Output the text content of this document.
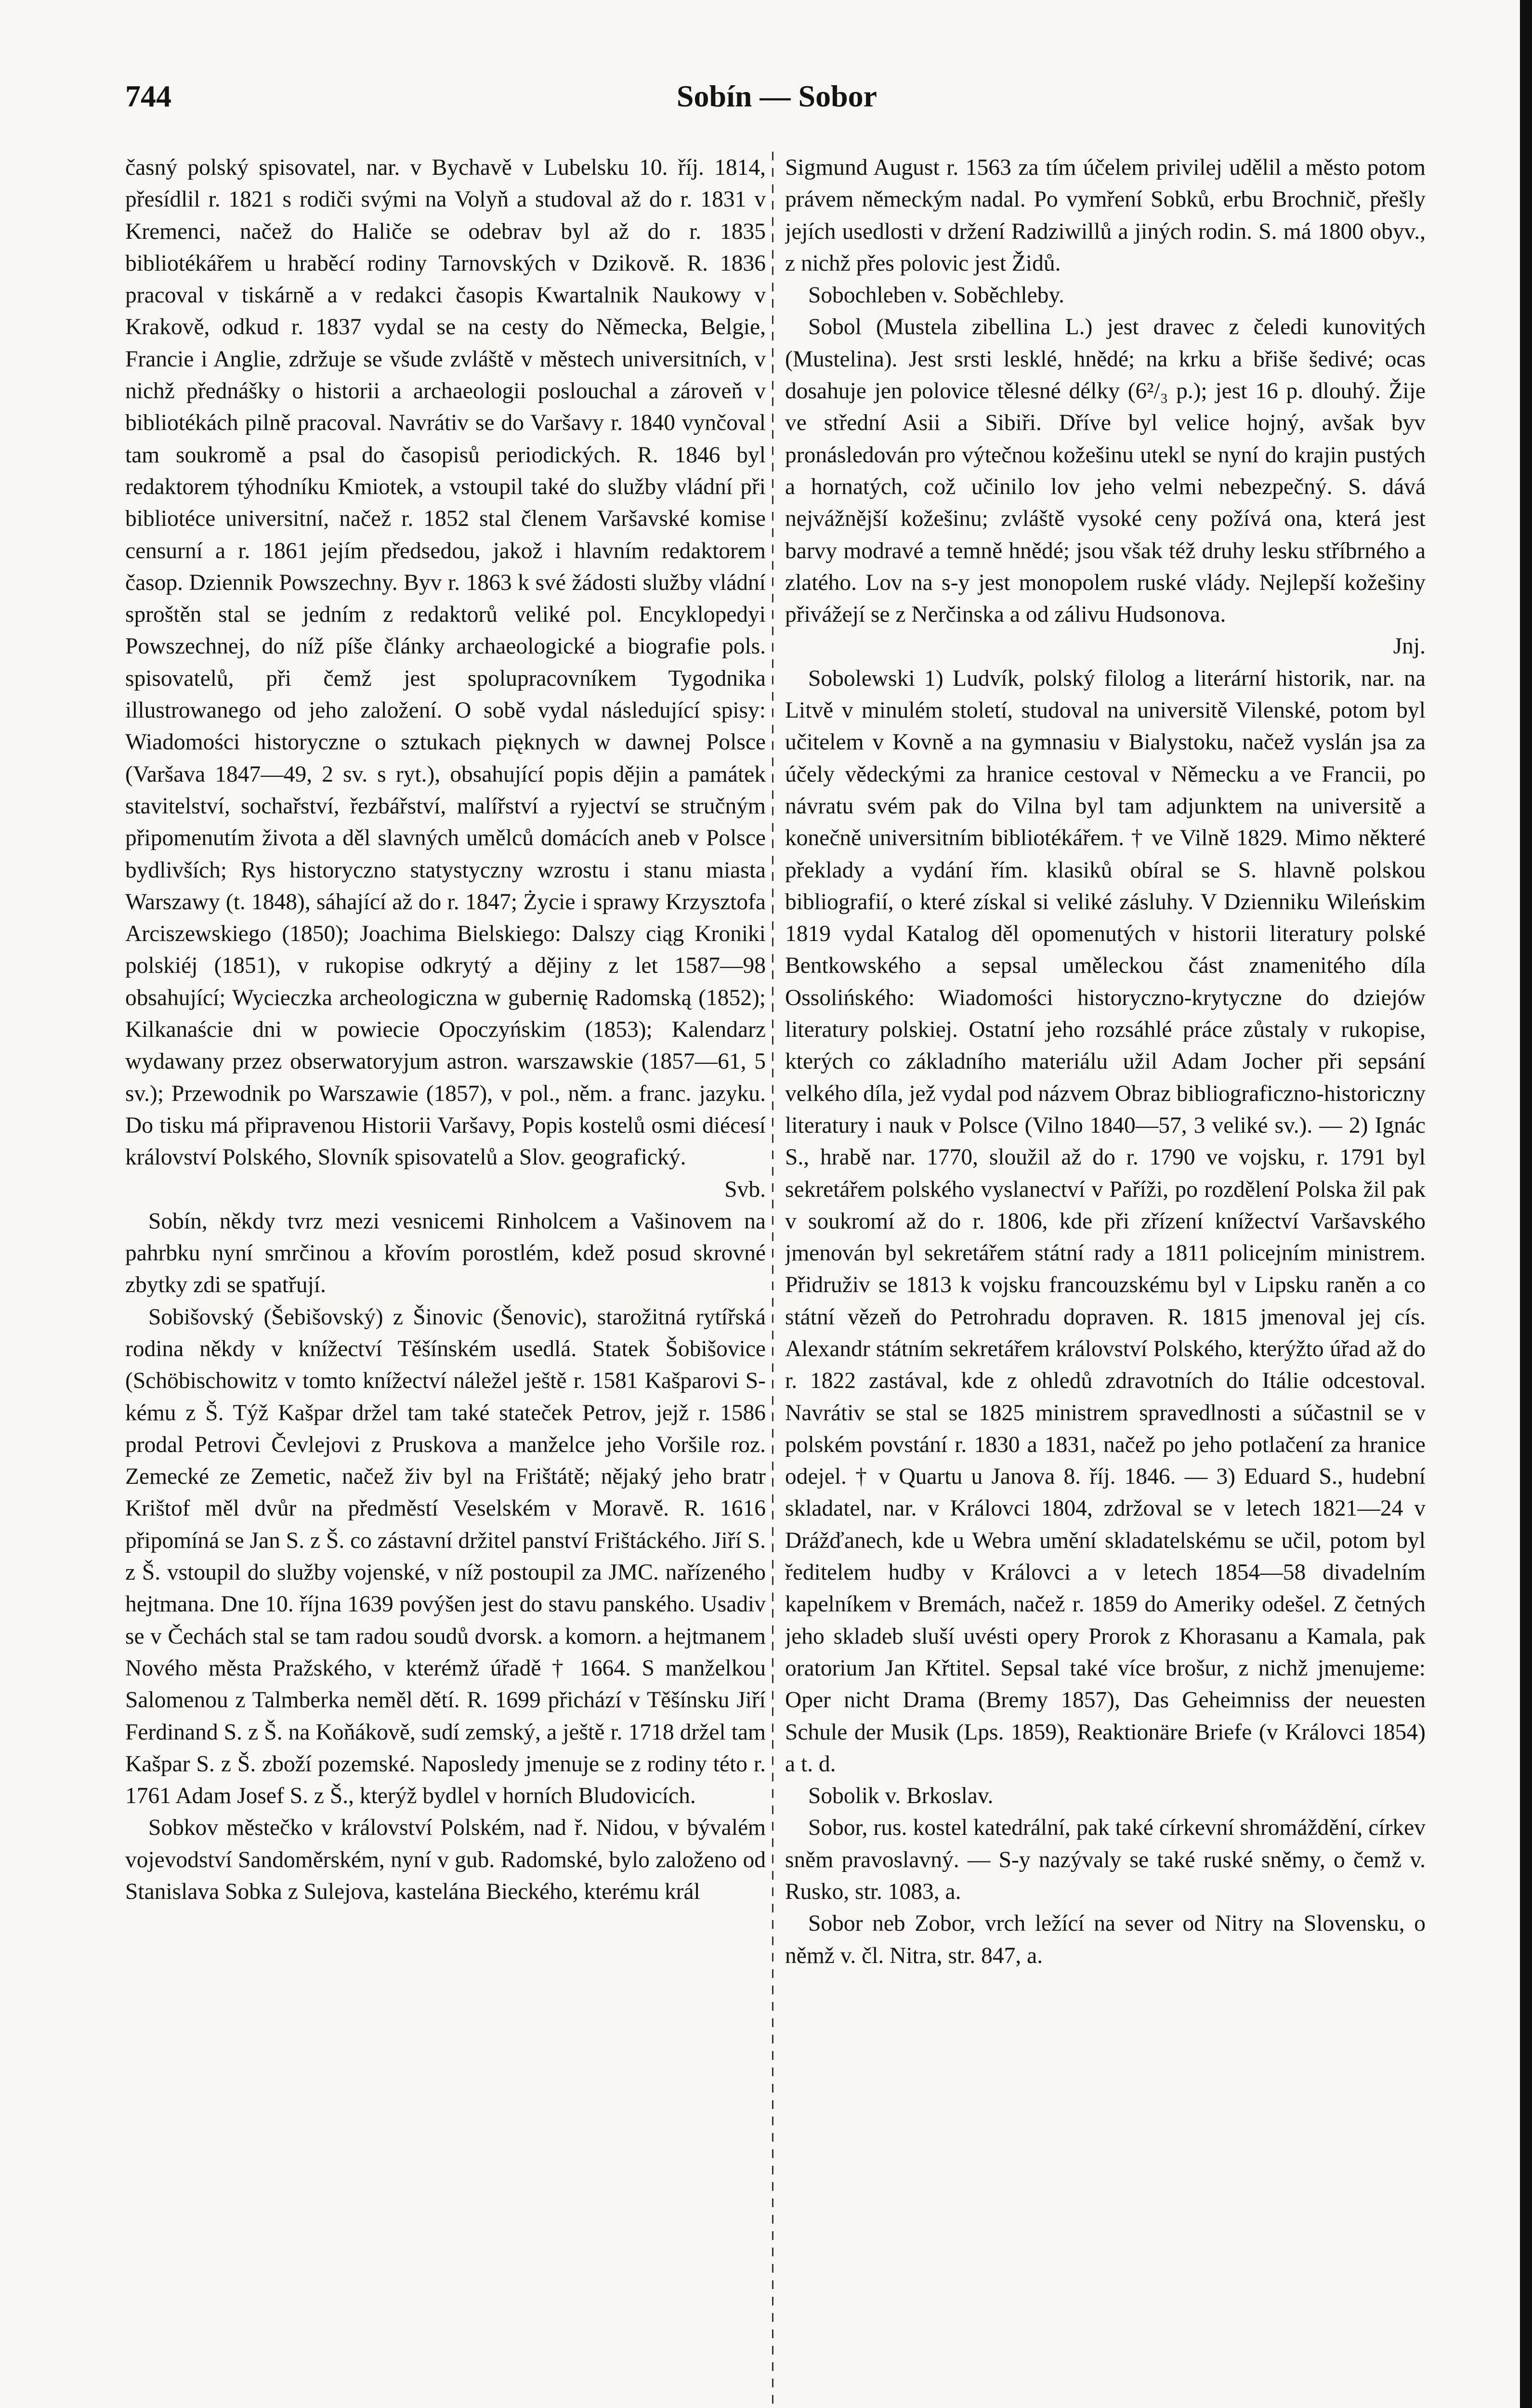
744	Sobín — Sobor

časný polský spisovatel, nar. v Bychavě v Lubelsku 10. říj. 1814, přesídlil r. 1821 s rodiči svými na Volyň a studoval až do r. 1831 v Kremenci, načež do Haliče se odebrav byl až do r. 1835 bibliotékářem u hraběcí rodiny Tarnovských v Dzikově. R. 1836 pracoval v tiskárně a v redakci časopis Kwartalnik Naukowy v Krakově, odkud r. 1837 vydal se na cesty do Německa, Belgie, Francie i Anglie, zdržuje se všude zvláště v městech universitních, v nichž přednášky o historii a archaeologii poslouchal a zároveň v bibliotékách pilně pracoval. Navrátiv se do Varšavy r. 1840 vynčoval tam soukromě a psal do časopisů periodických. R. 1846 byl redaktorem týhodníku Kmiotek, a vstoupil také do služby vládní při bibliotéce universitní, načež r. 1852 stal členem Varšavské komise censurní a r. 1861 jejím předsedou, jakož i hlavním redaktorem časop. Dziennik Powszechny. Byv r. 1863 k své žádosti služby vládní sproštěn stal se jedním z redaktorů veliké pol. Encyklopedyi Powszechnej, do níž píše články archaeologické a biografie pols. spisovatelů, při čemž jest spolupracovníkem Tygodnika illustrowanego od jeho založení. O sobě vydal následující spisy: Wiadomości historyczne o sztukach pięknych w dawnej Polsce (Varšava 1847—49, 2 sv. s ryt.), obsahující popis dějin a památek stavitelství, sochařství, řezbářství, malířství a ryjectví se stručným připomenutím života a děl slavných umělců domácích aneb v Polsce bydlivších; Rys historyczno statystyczny wzrostu i stanu miasta Warszawy (t. 1848), sáhající až do r. 1847; Życie i sprawy Krzysztofa Arciszewskiego (1850); Joachima Bielskiego: Dalszy ciąg Kroniki polskiéj (1851), v rukopise odkrytý a dějiny z let 1587—98 obsahující; Wycieczka archeologiczna w gubernię Radomską (1852); Kilkanaście dni w powiecie Opoczyńskim (1853); Kalendarz wydawany przez obserwatoryjum astron. warszawskie (1857—61, 5 sv.); Przewodnik po Warszawie (1857), v pol., něm. a franc. jazyku. Do tisku má připravenou Historii Varšavy, Popis kostelů osmi diécesí království Polského, Slovník spisovatelů a Slov. geografický.

Svb.

Sobín, někdy tvrz mezi vesnicemi Rinholcem a Vašinovem na pahrbku nyní smrčinou a křovím porostlém, kdež posud skrovné zbytky zdi se spatřují.

Sobišovský (Šebišovský) z Šinovic (Šenovic), starožitná rytířská rodina někdy v knížectví Těšínském usedlá. Statek Šobišovice (Schöbischowitz v tomto knížectví náležel ještě r. 1581 Kašparovi S-kému z Š. Týž Kašpar držel tam také stateček Petrov, jejž r. 1586 prodal Petrovi Čevlejovi z Pruskova a manželce jeho Voršile roz. Zemecké ze Zemetic, načež živ byl na Frištátě; nějaký jeho bratr Krištof měl dvůr na předměstí Veselském v Moravě. R. 1616 připomíná se Jan S. z Š. co zástavní držitel panství Frištáckého. Jiří S. z Š. vstoupil do služby vojenské, v níž postoupil za JMC. nařízeného hejtmana. Dne 10. října 1639 povýšen jest do stavu panského. Usadiv se v Čechách stal se tam radou soudů dvorsk. a komorn. a hejtmanem Nového města Pražského, v kterémž úřadě † 1664. S manželkou Salomenou z Talmberka neměl dětí. R. 1699 přichází v Těšínsku Jiří Ferdinand S. z Š. na Koňákově, sudí zemský, a ještě r. 1718 držel tam Kašpar S. z Š. zboží pozemské. Naposledy jmenuje se z rodiny této r. 1761 Adam Josef S. z Š., kterýž bydlel v horních Bludovicích.

Sobkov městečko v království Polském, nad ř. Nidou, v bývalém vojevodství Sandoměrském, nyní v gub. Radomské, bylo založeno od Stanislava Sobka z Sulejova, kastelána Bieckého, kterému král

Sigmund August r. 1563 za tím účelem privilej udělil a město potom právem německým nadal. Po vymření Sobků, erbu Brochnič, přešly jejích usedlosti v držení Radziwillů a jiných rodin. S. má 1800 obyv., z nichž přes polovic jest Židů.

Sobochleben v. Soběchleby.

Sobol (Mustela zibellina L.) jest dravec z čeledi kunovitých (Mustelina). Jest srsti lesklé, hnědé; na krku a břiše šedivé; ocas dosahuje jen polovice tělesné délky (6²/₃ p.); jest 16 p. dlouhý. Žije ve střední Asii a Sibiři. Dříve byl velice hojný, avšak byv pronásledován pro výtečnou kožešinu utekl se nyní do krajin pustých a hornatých, což učinilo lov jeho velmi nebezpečný. S. dává nejvážnější kožešinu; zvláště vysoké ceny požívá ona, která jest barvy modravé a temně hnědé; jsou však též druhy lesku stříbrného a zlatého. Lov na s-y jest monopolem ruské vlády. Nejlepší kožešiny přivážejí se z Nerčinska a od zálivu Hudsonova.

Jnj.

Sobolewski 1) Ludvík, polský filolog a literární historik, nar. na Litvě v minulém století, studoval na universitě Vilenské, potom byl učitelem v Kovně a na gymnasiu v Bialystoku, načež vyslán jsa za účely vědeckými za hranice cestoval v Německu a ve Francii, po návratu svém pak do Vilna byl tam adjunktem na universitě a konečně universitním bibliotékářem. † ve Vilně 1829. Mimo některé překlady a vydání řím. klasiků obíral se S. hlavně polskou bibliografií, o které získal si veliké zásluhy. V Dzienniku Wileńskim 1819 vydal Katalog děl opomenutých v historii literatury polské Bentkowského a sepsal uměleckou část znamenitého díla Ossolińského: Wiadomości historyczno-krytyczne do dziejów literatury polskiej. Ostatní jeho rozsáhlé práce zůstaly v rukopise, kterých co základního materiálu užil Adam Jocher při sepsání velkého díla, jež vydal pod názvem Obraz bibliograficzno-historiczny literatury i nauk v Polsce (Vilno 1840—57, 3 veliké sv.). — 2) Ignác S., hrabě nar. 1770, sloužil až do r. 1790 ve vojsku, r. 1791 byl sekretářem polského vyslanectví v Paříži, po rozdělení Polska žil pak v soukromí až do r. 1806, kde při zřízení knížectví Varšavského jmenován byl sekretářem státní rady a 1811 policejním ministrem. Přidruživ se 1813 k vojsku francouzskému byl v Lipsku raněn a co státní vězeň do Petrohradu dopraven. R. 1815 jmenoval jej cís. Alexandr státním sekretářem království Polského, kterýžto úřad až do r. 1822 zastával, kde z ohledů zdravotních do Itálie odcestoval. Navrátiv se stal se 1825 ministrem spravedlnosti a súčastnil se v polském povstání r. 1830 a 1831, načež po jeho potlačení za hranice odejel. † v Quartu u Janova 8. říj. 1846. — 3) Eduard S., hudební skladatel, nar. v Královci 1804, zdržoval se v letech 1821—24 v Drážďanech, kde u Webra umění skladatelskému se učil, potom byl ředitelem hudby v Královci a v letech 1854—58 divadelním kapelníkem v Bremách, načež r. 1859 do Ameriky odešel. Z četných jeho skladeb sluší uvésti opery Prorok z Khorasanu a Kamala, pak oratorium Jan Křtitel. Sepsal také více brošur, z nichž jmenujeme: Oper nicht Drama (Bremy 1857), Das Geheimniss der neuesten Schule der Musik (Lps. 1859), Reaktionäre Briefe (v Královci 1854) a t. d.

Sobolik v. Brkoslav.

Sobor, rus. kostel katedrální, pak také církevní shromáždění, církev sněm pravoslavný. — S-y nazývaly se také ruské sněmy, o čemž v. Rusko, str. 1083, a.

Sobor neb Zobor, vrch ležící na sever od Nitry na Slovensku, o němž v. čl. Nitra, str. 847, a.
